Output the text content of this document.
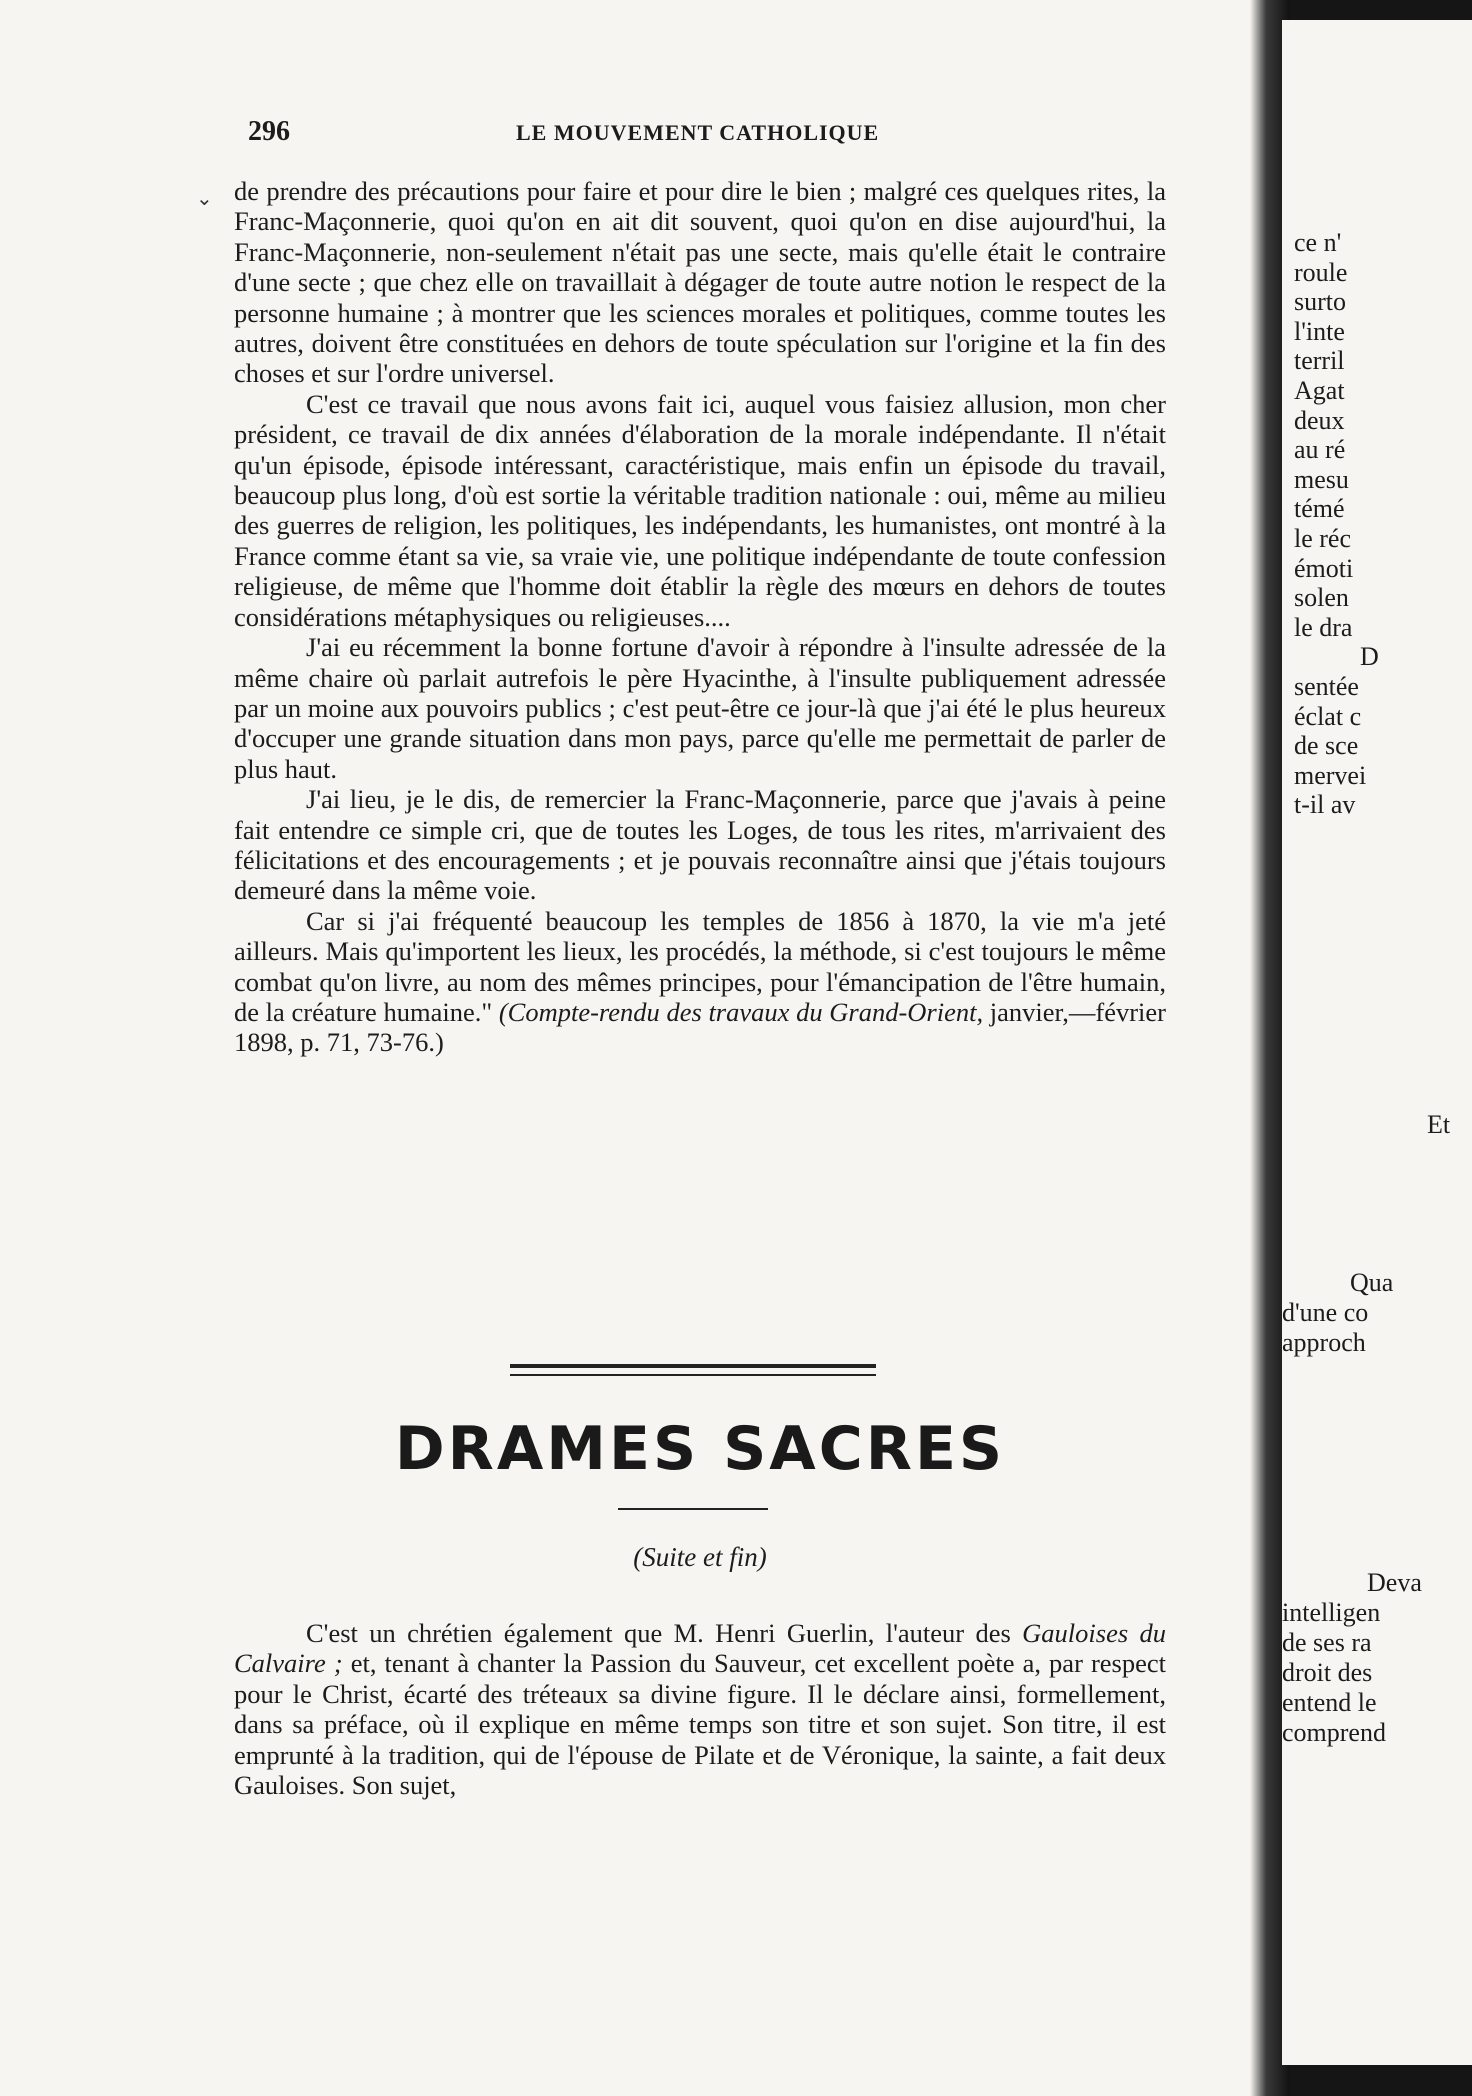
296	LE MOUVEMENT CATHOLIQUE
⌄ de prendre des précautions pour faire et pour dire le bien ; malgré ces quelques rites, la Franc-Maçonnerie, quoi qu'on en ait dit souvent, quoi qu'on en dise aujourd'hui, la Franc-Maçonnerie, non-seulement n'était pas une secte, mais qu'elle était le contraire d'une secte ; que chez elle on travaillait à dégager de toute autre notion le respect de la personne humaine ; à montrer que les sciences morales et politiques, comme toutes les autres, doivent être constituées en dehors de toute spéculation sur l'origine et la fin des choses et sur l'ordre universel.

C'est ce travail que nous avons fait ici, auquel vous faisiez allusion, mon cher président, ce travail de dix années d'élaboration de la morale indépendante. Il n'était qu'un épisode, épisode intéressant, caractéristique, mais enfin un épisode du travail, beaucoup plus long, d'où est sortie la véritable tradition nationale : oui, même au milieu des guerres de religion, les politiques, les indépendants, les humanistes, ont montré à la France comme étant sa vie, sa vraie vie, une politique indépendante de toute confession religieuse, de même que l'homme doit établir la règle des mœurs en dehors de toutes considérations métaphysiques ou religieuses....

J'ai eu récemment la bonne fortune d'avoir à répondre à l'insulte adressée de la même chaire où parlait autrefois le père Hyacinthe, à l'insulte publiquement adressée par un moine aux pouvoirs publics ; c'est peut-être ce jour-là que j'ai été le plus heureux d'occuper une grande situation dans mon pays, parce qu'elle me permettait de parler de plus haut.

J'ai lieu, je le dis, de remercier la Franc-Maçonnerie, parce que j'avais à peine fait entendre ce simple cri, que de toutes les Loges, de tous les rites, m'arrivaient des félicitations et des encouragements ; et je pouvais reconnaître ainsi que j'étais toujours demeuré dans la même voie.

Car si j'ai fréquenté beaucoup les temples de 1856 à 1870, la vie m'a jeté ailleurs. Mais qu'importent les lieux, les procédés, la méthode, si c'est toujours le même combat qu'on livre, au nom des mêmes principes, pour l'émancipation de l'être humain, de la créature humaine." (Compte-rendu des travaux du Grand-Orient, janvier,—février 1898, p. 71, 73-76.)

DRAMES SACRES
(Suite et fin)

C'est un chrétien également que M. Henri Guerlin, l'auteur des Gauloises du Calvaire ; et, tenant à chanter la Passion du Sauveur, cet excellent poète a, par respect pour le Christ, écarté des tréteaux sa divine figure. Il le déclare ainsi, formellement, dans sa préface, où il explique en même temps son titre et son sujet. Son titre, il est emprunté à la tradition, qui de l'épouse de Pilate et de Véronique, la sainte, a fait deux Gauloises. Son sujet,

ce n'
roule
surto
l'inte
terril
Agat
deux
au ré
mesu
témé
le réc
émoti
solen
le dra
D
sentée
éclat c
de sce
mervei
t-il av
Et
Qua
d'une co
approch
Deva
intelligen
de ses ra
droit des
entend le
comprend
